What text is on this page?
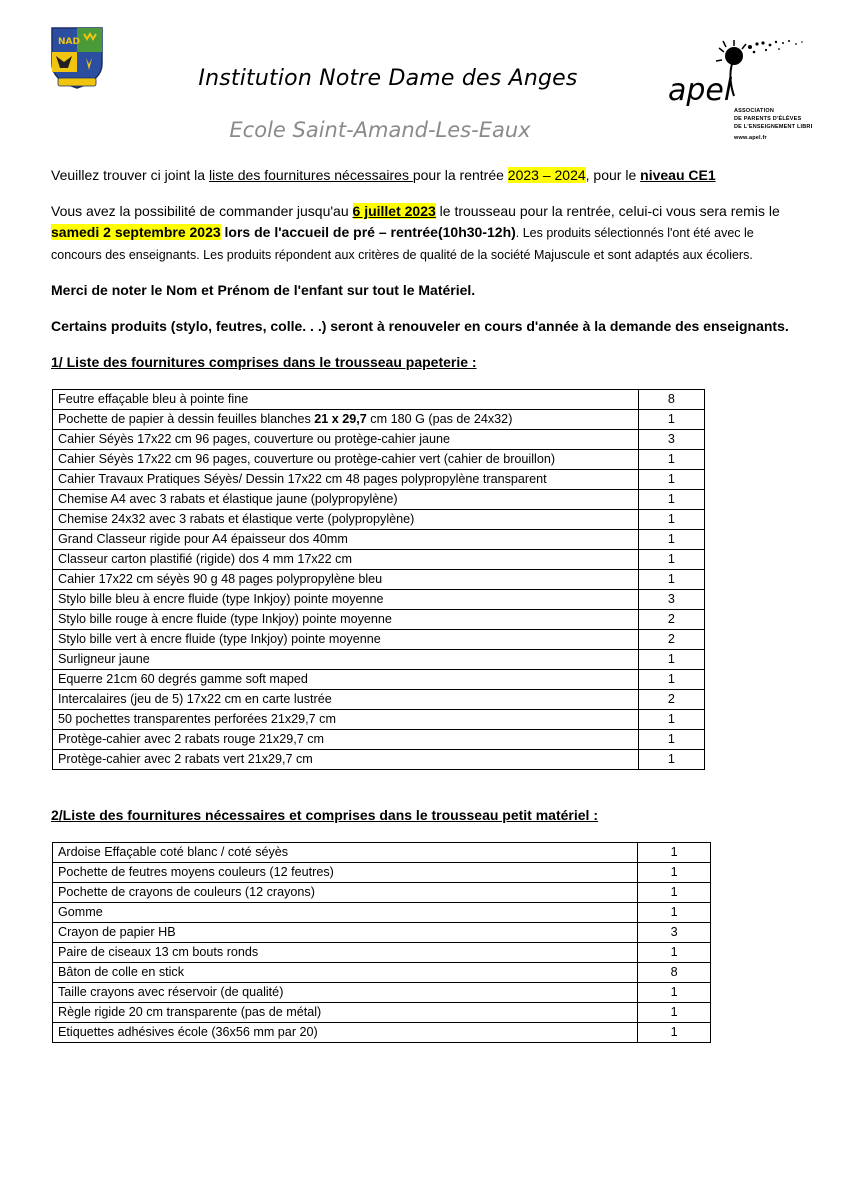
NAD
apel
ASSOCIATION
DE PARENTS D'ÉLÈVES
DE L'ENSEIGNEMENT LIBRE
www.apel.fr
Institution Notre Dame des Anges
Ecole Saint-Amand-Les-Eaux
Veuillez trouver ci joint la liste des fournitures nécessaires pour la rentrée 2023 – 2024, pour le niveau CE1
Vous avez la possibilité de commander jusqu'au 6 juillet 2023 le trousseau pour la rentrée, celui-ci vous sera remis le
samedi 2 septembre 2023 lors de l'accueil de pré – rentrée(10h30-12h). Les produits sélectionnés l'ont été avec le
concours des enseignants. Les produits répondent aux critères de qualité de la société Majuscule et sont adaptés aux écoliers.
Merci de noter le Nom et Prénom de l'enfant sur tout le Matériel.
Certains produits (stylo, feutres, colle. . .) seront à renouveler en cours d'année à la demande des enseignants.
1/ Liste des fournitures comprises dans le trousseau papeterie :
Feutre effaçable bleu à pointe fine	8
Pochette de papier à dessin feuilles blanches 21 x 29,7 cm 180 G (pas de 24x32)	1
Cahier Séyès 17x22 cm 96 pages, couverture ou protège-cahier jaune	3
Cahier Séyès 17x22 cm 96 pages, couverture ou protège-cahier vert (cahier de brouillon)	1
Cahier Travaux Pratiques Séyès/ Dessin 17x22 cm 48 pages polypropylène transparent	1
Chemise A4 avec 3 rabats et élastique jaune (polypropylène)	1
Chemise 24x32 avec 3 rabats et élastique verte (polypropylène)	1
Grand Classeur rigide pour A4 épaisseur dos 40mm	1
Classeur carton plastifié (rigide) dos 4 mm 17x22 cm	1
Cahier 17x22 cm séyès 90 g 48 pages polypropylène bleu	1
Stylo bille bleu à encre fluide (type Inkjoy) pointe moyenne	3
Stylo bille rouge à encre fluide (type Inkjoy) pointe moyenne	2
Stylo bille vert à encre fluide (type Inkjoy) pointe moyenne	2
Surligneur jaune	1
Equerre 21cm 60 degrés gamme soft maped	1
Intercalaires (jeu de 5) 17x22 cm en carte lustrée	2
50 pochettes transparentes perforées 21x29,7 cm	1
Protège-cahier avec 2 rabats rouge 21x29,7 cm	1
Protège-cahier avec 2 rabats vert 21x29,7 cm	1
2/Liste des fournitures nécessaires et comprises dans le trousseau petit matériel :
Ardoise Effaçable coté blanc / coté séyès	1
Pochette de feutres moyens couleurs (12 feutres)	1
Pochette de crayons de couleurs (12 crayons)	1
Gomme	1
Crayon de papier HB	3
Paire de ciseaux 13 cm bouts ronds	1
Bâton de colle en stick	8
Taille crayons avec réservoir (de qualité)	1
Règle rigide 20 cm transparente (pas de métal)	1
Etiquettes adhésives école (36x56 mm par 20)	1
